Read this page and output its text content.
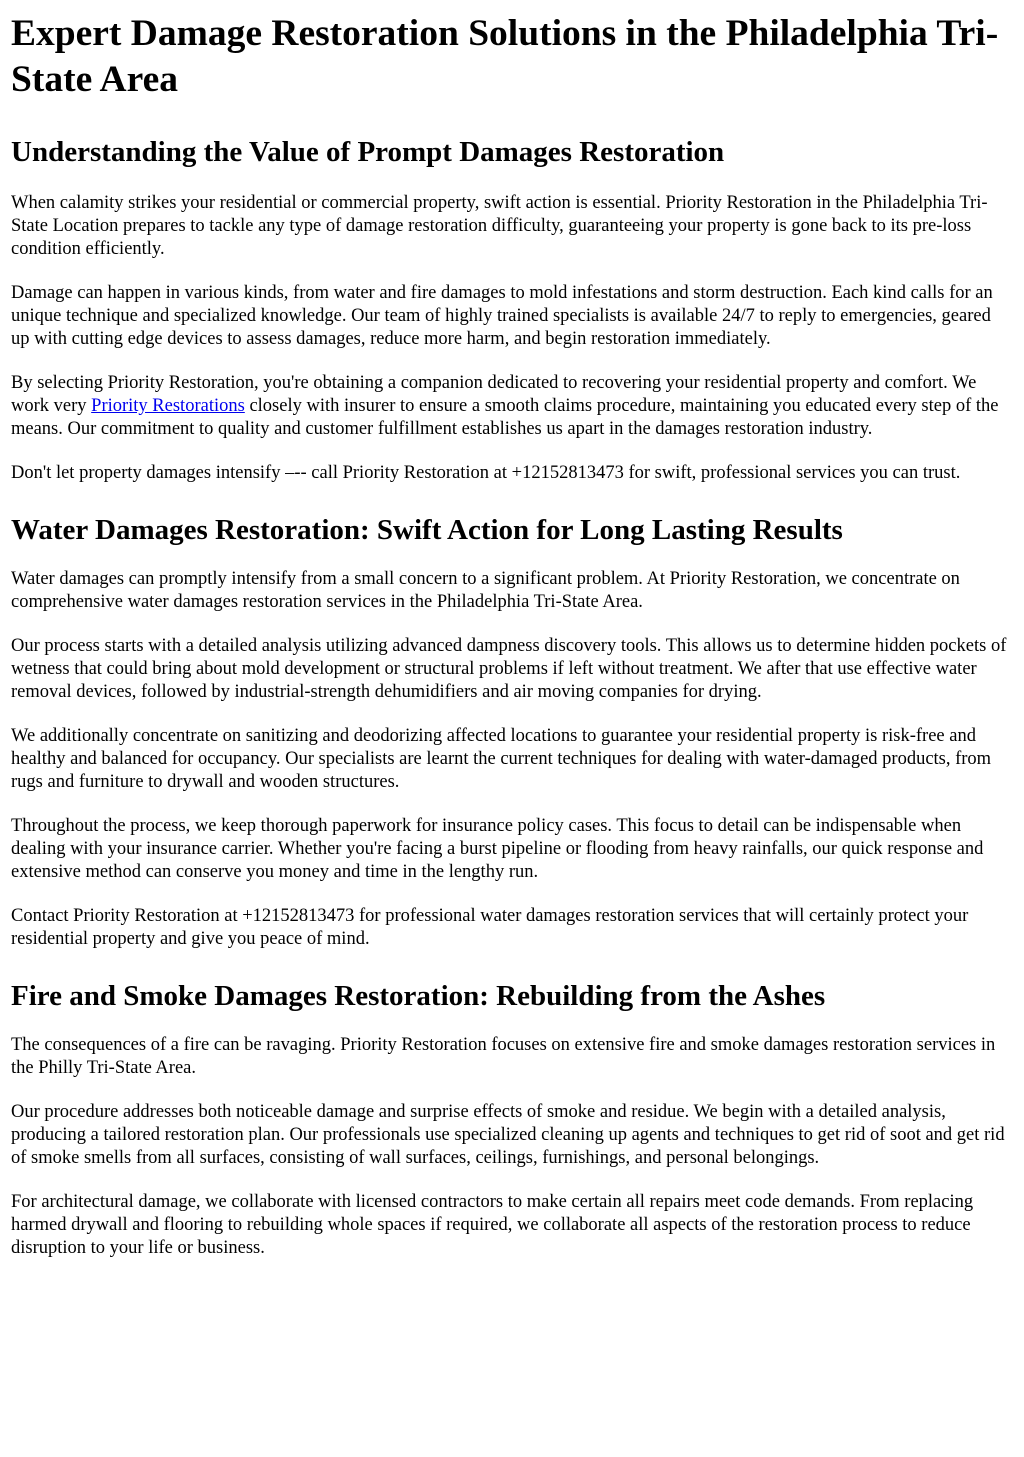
Expert Damage Restoration Solutions in the Philadelphia Tri-State Area
Understanding the Value of Prompt Damages Restoration

When calamity strikes your residential or commercial property, swift action is essential. Priority Restoration in the Philadelphia Tri-State Location prepares to tackle any type of damage restoration difficulty, guaranteeing your property is gone back to its pre-loss condition efficiently.

Damage can happen in various kinds, from water and fire damages to mold infestations and storm destruction. Each kind calls for an unique technique and specialized knowledge. Our team of highly trained specialists is available 24/7 to reply to emergencies, geared up with cutting edge devices to assess damages, reduce more harm, and begin restoration immediately.

By selecting Priority Restoration, you're obtaining a companion dedicated to recovering your residential property and comfort. We work very Priority Restorations closely with insurer to ensure a smooth claims procedure, maintaining you educated every step of the means. Our commitment to quality and customer fulfillment establishes us apart in the damages restoration industry.

Don't let property damages intensify –-- call Priority Restoration at +12152813473 for swift, professional services you can trust.

Water Damages Restoration: Swift Action for Long Lasting Results

Water damages can promptly intensify from a small concern to a significant problem. At Priority Restoration, we concentrate on comprehensive water damages restoration services in the Philadelphia Tri-State Area.

Our process starts with a detailed analysis utilizing advanced dampness discovery tools. This allows us to determine hidden pockets of wetness that could bring about mold development or structural problems if left without treatment. We after that use effective water removal devices, followed by industrial-strength dehumidifiers and air moving companies for drying.

We additionally concentrate on sanitizing and deodorizing affected locations to guarantee your residential property is risk-free and healthy and balanced for occupancy. Our specialists are learnt the current techniques for dealing with water-damaged products, from rugs and furniture to drywall and wooden structures.

Throughout the process, we keep thorough paperwork for insurance policy cases. This focus to detail can be indispensable when dealing with your insurance carrier. Whether you're facing a burst pipeline or flooding from heavy rainfalls, our quick response and extensive method can conserve you money and time in the lengthy run.

Contact Priority Restoration at +12152813473 for professional water damages restoration services that will certainly protect your residential property and give you peace of mind.

Fire and Smoke Damages Restoration: Rebuilding from the Ashes

The consequences of a fire can be ravaging. Priority Restoration focuses on extensive fire and smoke damages restoration services in the Philly Tri-State Area.

Our procedure addresses both noticeable damage and surprise effects of smoke and residue. We begin with a detailed analysis, producing a tailored restoration plan. Our professionals use specialized cleaning up agents and techniques to get rid of soot and get rid of smoke smells from all surfaces, consisting of wall surfaces, ceilings, furnishings, and personal belongings.

For architectural damage, we collaborate with licensed contractors to make certain all repairs meet code demands. From replacing harmed drywall and flooring to rebuilding whole spaces if required, we collaborate all aspects of the restoration process to reduce disruption to your life or business.
